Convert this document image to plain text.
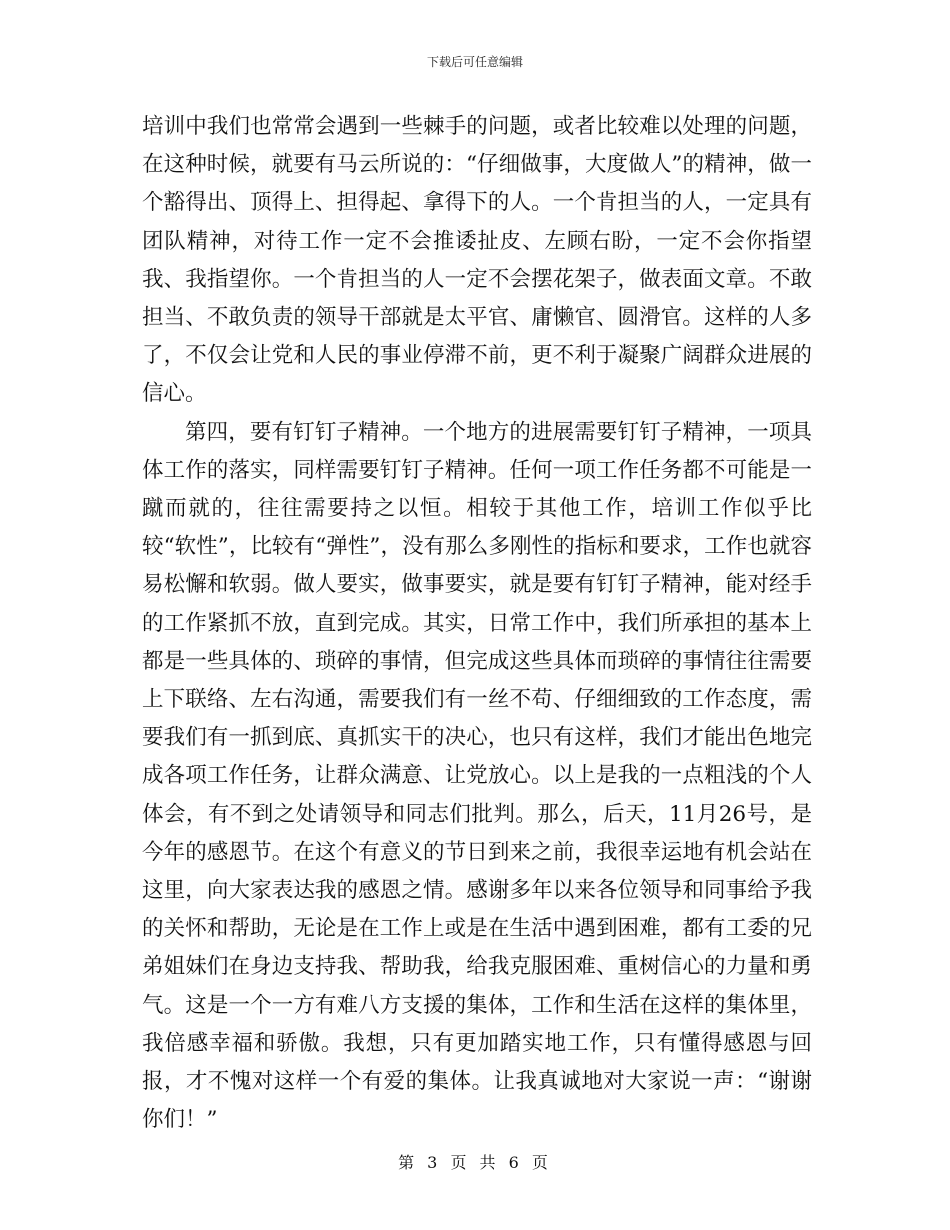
下载后可任意编辑

培训中我们也常常会遇到一些棘手的问题，或者比较难以处理的问题，在这种时候，就要有马云所说的：“仔细做事，大度做人”的精神，做一个豁得出、顶得上、担得起、拿得下的人。一个肯担当的人，一定具有团队精神，对待工作一定不会推诿扯皮、左顾右盼，一定不会你指望我、我指望你。一个肯担当的人一定不会摆花架子，做表面文章。不敢担当、不敢负责的领导干部就是太平官、庸懒官、圆滑官。这样的人多了，不仅会让党和人民的事业停滞不前，更不利于凝聚广阔群众进展的信心。

第四，要有钉钉子精神。一个地方的进展需要钉钉子精神，一项具体工作的落实，同样需要钉钉子精神。任何一项工作任务都不可能是一蹴而就的，往往需要持之以恒。相较于其他工作，培训工作似乎比较“软性”，比较有“弹性”，没有那么多刚性的指标和要求，工作也就容易松懈和软弱。做人要实，做事要实，就是要有钉钉子精神，能对经手的工作紧抓不放，直到完成。其实，日常工作中，我们所承担的基本上都是一些具体的、琐碎的事情，但完成这些具体而琐碎的事情往往需要上下联络、左右沟通，需要我们有一丝不苟、仔细细致的工作态度，需要我们有一抓到底、真抓实干的决心，也只有这样，我们才能出色地完成各项工作任务，让群众满意、让党放心。以上是我的一点粗浅的个人体会，有不到之处请领导和同志们批判。那么，后天，11月26号，是今年的感恩节。在这个有意义的节日到来之前，我很幸运地有机会站在这里，向大家表达我的感恩之情。感谢多年以来各位领导和同事给予我的关怀和帮助，无论是在工作上或是在生活中遇到困难，都有工委的兄弟姐妹们在身边支持我、帮助我，给我克服困难、重树信心的力量和勇气。这是一个一方有难八方支援的集体，工作和生活在这样的集体里，我倍感幸福和骄傲。我想，只有更加踏实地工作，只有懂得感恩与回报，才不愧对这样一个有爱的集体。让我真诚地对大家说一声：“谢谢你们！”

第 3 页 共 6 页
